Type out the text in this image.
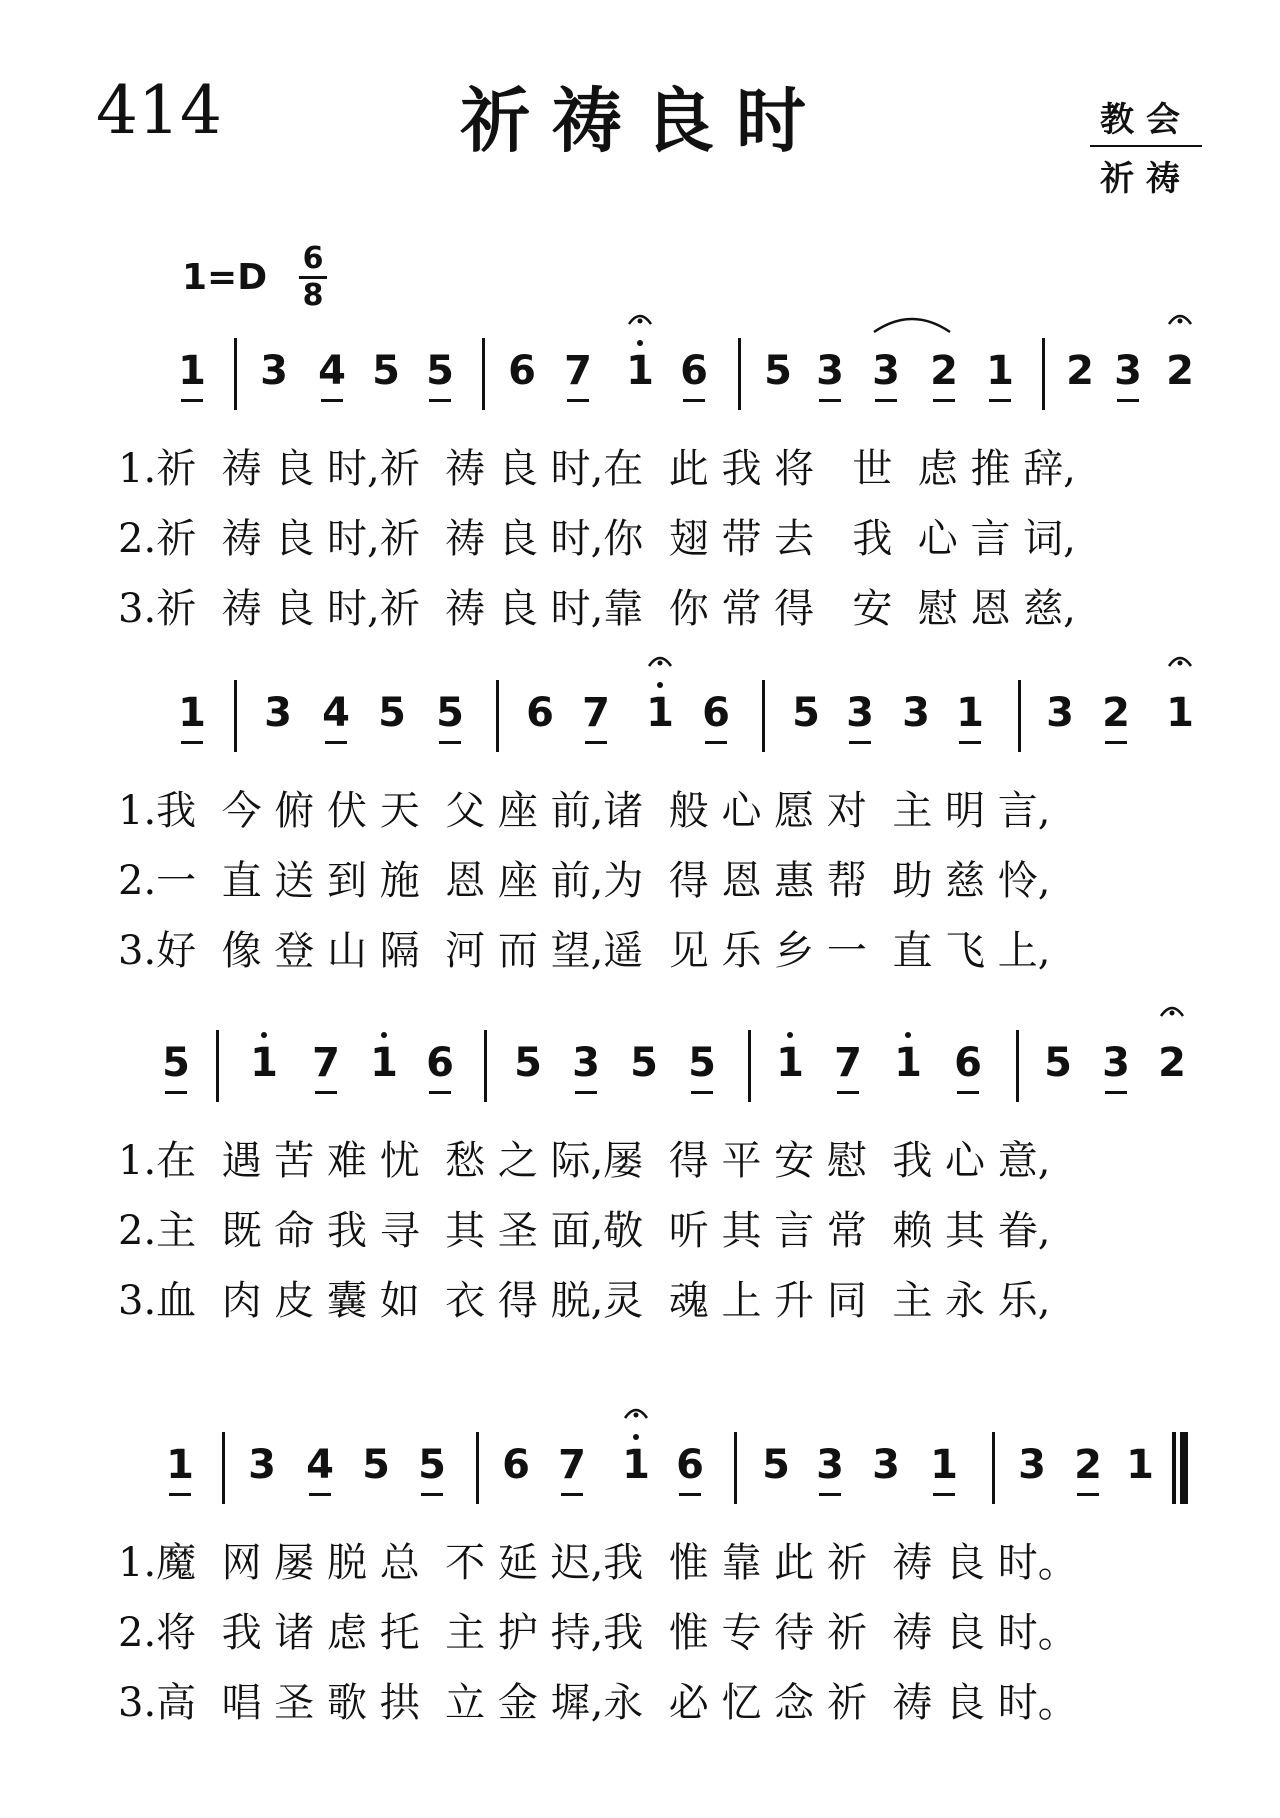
414	祈祷良时	教会
祈祷
1=D 6
8
1 3 4 5 5 6 7 1 6 5 3 3 2 1 2 3 2
1.祈  祷 良 时,祈  祷 良 时,在  此 我 将   世  虑 推 辞,
2.祈  祷 良 时,祈  祷 良 时,你  翅 带 去   我  心 言 词,
3.祈  祷 良 时,祈  祷 良 时,靠  你 常 得   安  慰 恩 慈,
1 3 4 5 5 6 7 1 6 5 3 3 1 3 2 1
1.我  今 俯 伏 天  父 座 前,诸  般 心 愿 对  主 明 言,
2.一  直 送 到 施  恩 座 前,为  得 恩 惠 帮  助 慈 怜,
3.好  像 登 山 隔  河 而 望,遥  见 乐 乡 一  直 飞 上,
5 1 7 1 6 5 3 5 5 1 7 1 6 5 3 2
1.在  遇 苦 难 忧  愁 之 际,屡  得 平 安 慰  我 心 意,
2.主  既 命 我 寻  其 圣 面,敬  听 其 言 常  赖 其 眷,
3.血  肉 皮 囊 如  衣 得 脱,灵  魂 上 升 同  主 永 乐,
1 3 4 5 5 6 7 1 6 5 3 3 1 3 2 1
1.魔  网 屡 脱 总  不 延 迟,我  惟 靠 此 祈  祷 良 时。
2.将  我 诸 虑 托  主 护 持,我  惟 专 待 祈  祷 良 时。
3.高  唱 圣 歌 拱  立 金 墀,永  必 忆 念 祈  祷 良 时。
